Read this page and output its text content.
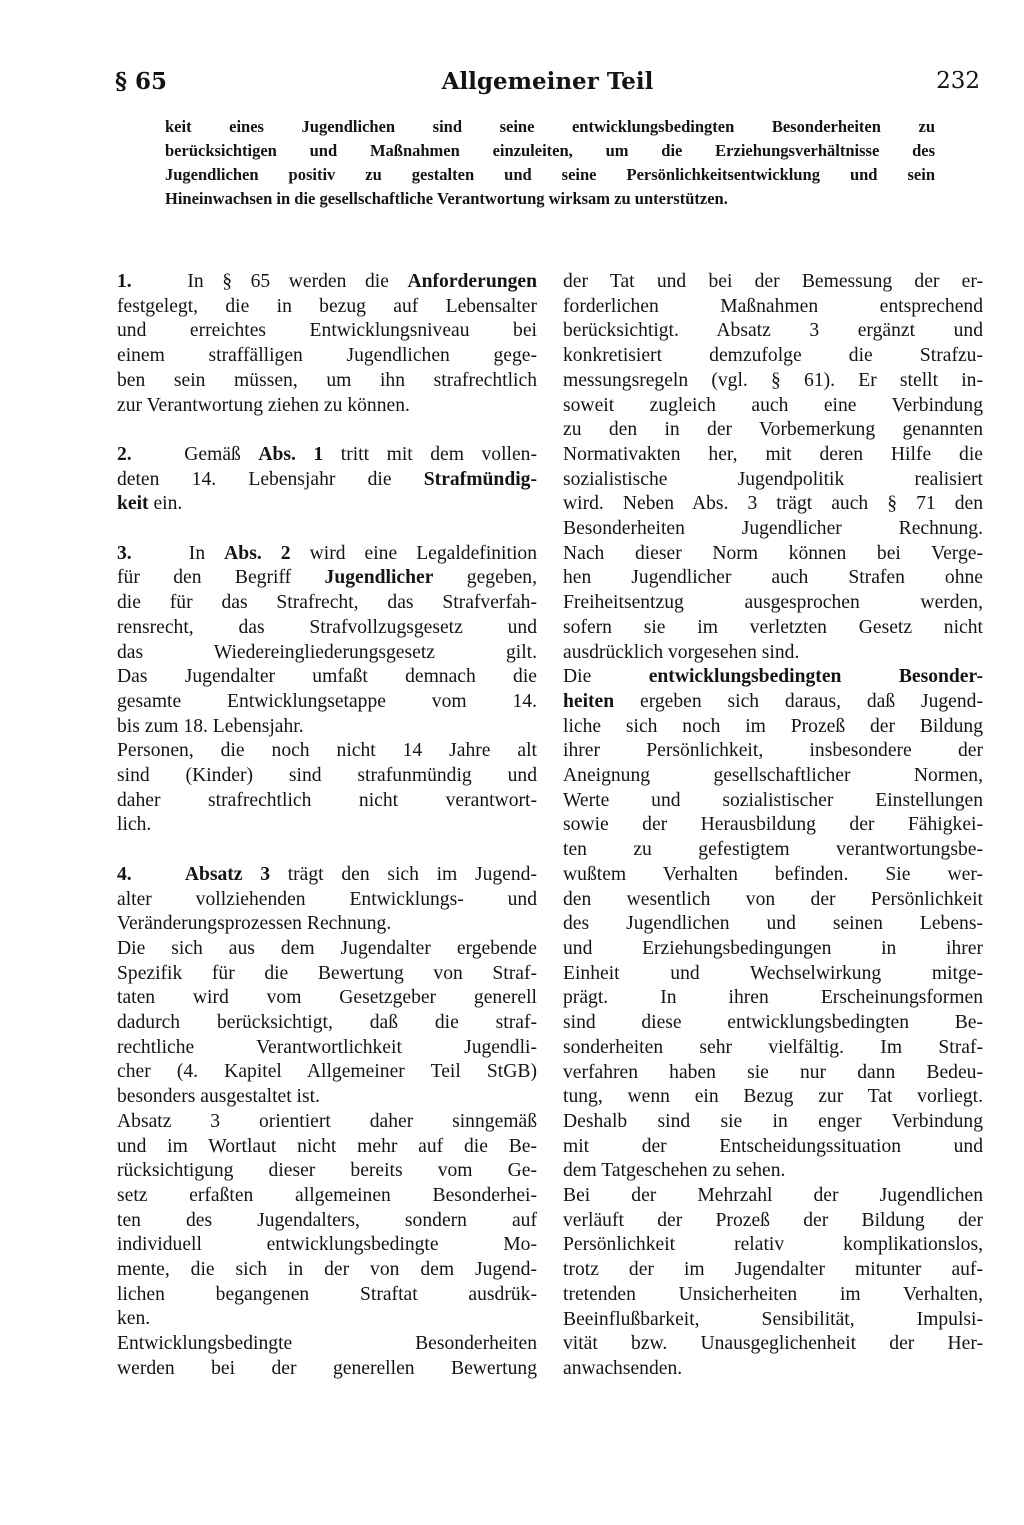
§ 65	Allgemeiner Teil	232
keit eines Jugendlichen sind seine entwicklungsbedingten Besonderheiten zu
berücksichtigen und Maßnahmen einzuleiten, um die Erziehungsverhältnisse des
Jugendlichen positiv zu gestalten und seine Persönlichkeitsentwicklung und sein
Hineinwachsen in die gesellschaftliche Verantwortung wirksam zu unterstützen.
1.	In § 65 werden die Anforderungen
festgelegt, die in bezug auf Lebensalter
und erreichtes Entwicklungsniveau bei
einem straffälligen Jugendlichen gege-
ben sein müssen, um ihn strafrechtlich
zur Verantwortung ziehen zu können.
2.	Gemäß Abs. 1 tritt mit dem vollen-
deten 14. Lebensjahr die Strafmündig-
keit ein.
3.	In Abs. 2 wird eine Legaldefinition
für den Begriff Jugendlicher gegeben,
die für das Strafrecht, das Strafverfah-
rensrecht, das Strafvollzugsgesetz und
das Wiedereingliederungsgesetz gilt.
Das Jugendalter umfaßt demnach die
gesamte Entwicklungsetappe vom 14.
bis zum 18. Lebensjahr.
Personen, die noch nicht 14 Jahre alt
sind (Kinder) sind strafunmündig und
daher strafrechtlich nicht verantwort-
lich.
4.	Absatz 3 trägt den sich im Jugend-
alter vollziehenden Entwicklungs- und
Veränderungsprozessen Rechnung.
Die sich aus dem Jugendalter ergebende
Spezifik für die Bewertung von Straf-
taten wird vom Gesetzgeber generell
dadurch berücksichtigt, daß die straf-
rechtliche Verantwortlichkeit Jugendli-
cher (4. Kapitel Allgemeiner Teil StGB)
besonders ausgestaltet ist.
Absatz 3 orientiert daher sinngemäß
und im Wortlaut nicht mehr auf die Be-
rücksichtigung dieser bereits vom Ge-
setz erfaßten allgemeinen Besonderhei-
ten des Jugendalters, sondern auf
individuell entwicklungsbedingte Mo-
mente, die sich in der von dem Jugend-
lichen begangenen Straftat ausdrük-
ken.
Entwicklungsbedingte Besonderheiten
werden bei der generellen Bewertung
der Tat und bei der Bemessung der er-
forderlichen Maßnahmen entsprechend
berücksichtigt. Absatz 3 ergänzt und
konkretisiert demzufolge die Strafzu-
messungsregeln (vgl. § 61). Er stellt in-
soweit zugleich auch eine Verbindung
zu den in der Vorbemerkung genannten
Normativakten her, mit deren Hilfe die
sozialistische Jugendpolitik realisiert
wird. Neben Abs. 3 trägt auch § 71 den
Besonderheiten Jugendlicher Rechnung.
Nach dieser Norm können bei Verge-
hen Jugendlicher auch Strafen ohne
Freiheitsentzug ausgesprochen werden,
sofern sie im verletzten Gesetz nicht
ausdrücklich vorgesehen sind.
Die	entwicklungsbedingten Besonder-
heiten ergeben sich daraus, daß Jugend-
liche sich noch im Prozeß der Bildung
ihrer Persönlichkeit, insbesondere der
Aneignung gesellschaftlicher Normen,
Werte und sozialistischer Einstellungen
sowie der Herausbildung der Fähigkei-
ten zu gefestigtem verantwortungsbe-
wußtem Verhalten befinden. Sie wer-
den wesentlich von der Persönlichkeit
des Jugendlichen und seinen Lebens-
und Erziehungsbedingungen in ihrer
Einheit und Wechselwirkung mitge-
prägt. In ihren Erscheinungsformen
sind diese entwicklungsbedingten Be-
sonderheiten sehr vielfältig. Im Straf-
verfahren haben sie nur dann Bedeu-
tung, wenn ein Bezug zur Tat vorliegt.
Deshalb sind sie in enger Verbindung
mit der Entscheidungssituation und
dem Tatgeschehen zu sehen.
Bei der Mehrzahl der Jugendlichen
verläuft der Prozeß der Bildung der
Persönlichkeit relativ komplikationslos,
trotz der im Jugendalter mitunter auf-
tretenden Unsicherheiten im Verhalten,
Beeinflußbarkeit, Sensibilität, Impulsi-
vität bzw. Unausgeglichenheit der Her-
anwachsenden.
